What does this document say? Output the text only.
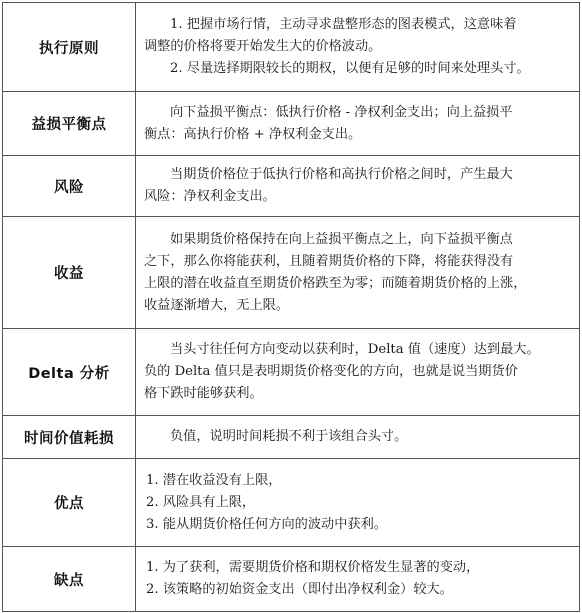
执行原则	1. 把握市场行情，主动寻求盘整形态的图表模式，这意味着
调整的价格将要开始发生大的价格波动。
2. 尽量选择期限较长的期权，以便有足够的时间来处理头寸。

益损平衡点	向下益损平衡点：低执行价格 - 净权利金支出；向上益损平
衡点：高执行价格 + 净权利金支出。

风险	当期货价格位于低执行价格和高执行价格之间时，产生最大
风险：净权利金支出。

收益	如果期货价格保持在向上益损平衡点之上，向下益损平衡点
之下，那么你将能获利，且随着期货价格的下降，将能获得没有
上限的潜在收益直至期货价格跌至为零；而随着期货价格的上涨，
收益逐渐增大，无上限。

Delta 分析	当头寸往任何方向变动以获利时，Delta 值（速度）达到最大。
负的 Delta 值只是表明期货价格变化的方向，也就是说当期货价
格下跌时能够获利。

时间价值耗损	负值，说明时间耗损不利于该组合头寸。

优点	1. 潜在收益没有上限，
2. 风险具有上限，
3. 能从期货价格任何方向的波动中获利。

缺点	1. 为了获利，需要期货价格和期权价格发生显著的变动，
2. 该策略的初始资金支出（即付出净权利金）较大。
